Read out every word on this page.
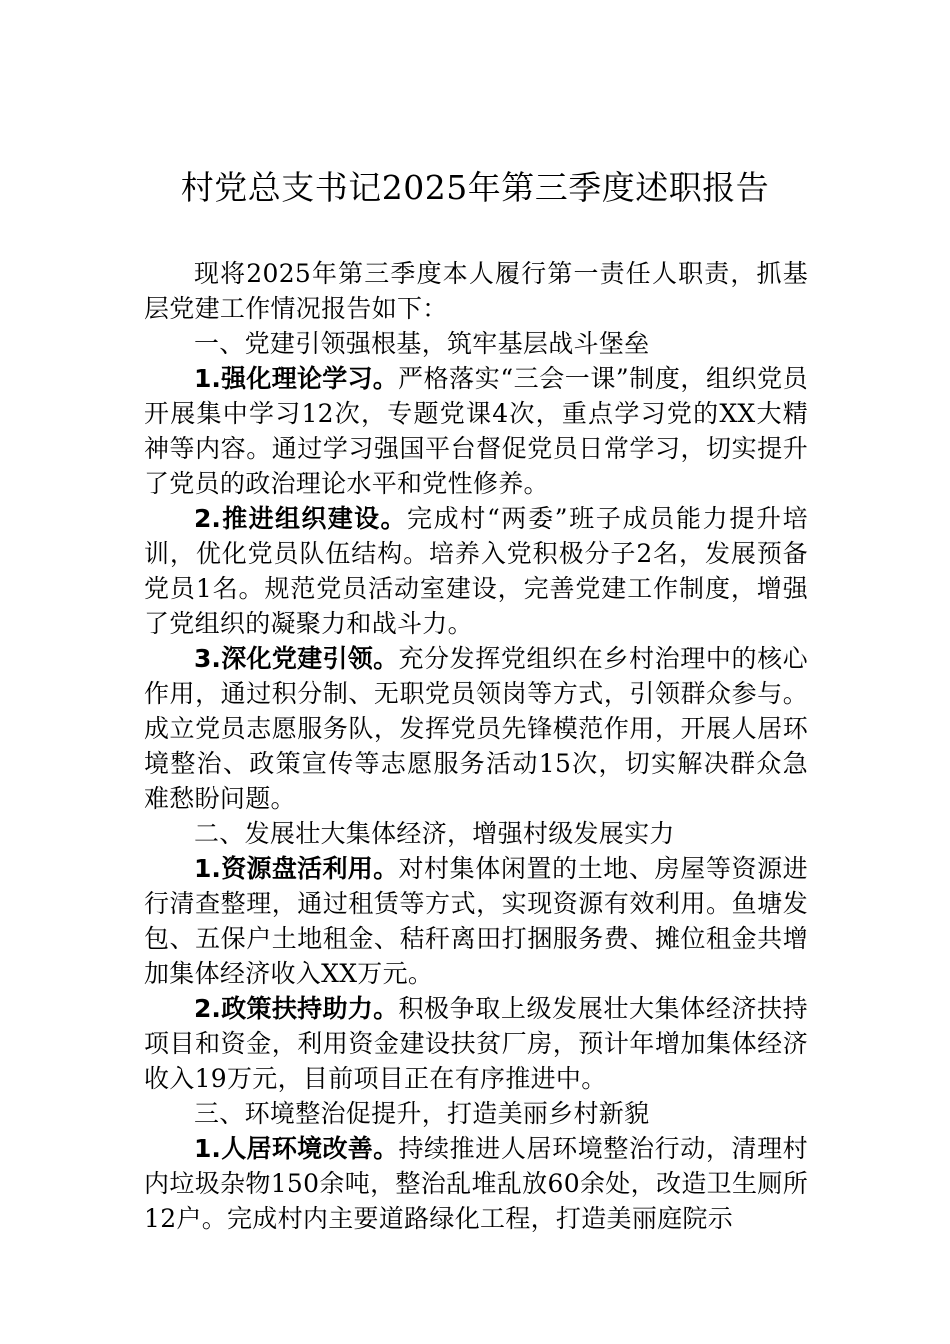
村党总支书记2025年第三季度述职报告

现将2025年第三季度本人履行第一责任人职责，抓基层党建工作情况报告如下：

一、党建引领强根基，筑牢基层战斗堡垒

1.强化理论学习。严格落实“三会一课”制度，组织党员开展集中学习12次，专题党课4次，重点学习党的XX大精神等内容。通过学习强国平台督促党员日常学习，切实提升了党员的政治理论水平和党性修养。

2.推进组织建设。完成村“两委”班子成员能力提升培训，优化党员队伍结构。培养入党积极分子2名，发展预备党员1名。规范党员活动室建设，完善党建工作制度，增强了党组织的凝聚力和战斗力。

3.深化党建引领。充分发挥党组织在乡村治理中的核心作用，通过积分制、无职党员领岗等方式，引领群众参与。成立党员志愿服务队，发挥党员先锋模范作用，开展人居环境整治、政策宣传等志愿服务活动15次，切实解决群众急难愁盼问题。

二、发展壮大集体经济，增强村级发展实力

1.资源盘活利用。对村集体闲置的土地、房屋等资源进行清查整理，通过租赁等方式，实现资源有效利用。鱼塘发包、五保户土地租金、秸秆离田打捆服务费、摊位租金共增加集体经济收入XX万元。

2.政策扶持助力。积极争取上级发展壮大集体经济扶持项目和资金，利用资金建设扶贫厂房，预计年增加集体经济收入19万元，目前项目正在有序推进中。

三、环境整治促提升，打造美丽乡村新貌

1.人居环境改善。持续推进人居环境整治行动，清理村内垃圾杂物150余吨，整治乱堆乱放60余处，改造卫生厕所12户。完成村内主要道路绿化工程，打造美丽庭院示
